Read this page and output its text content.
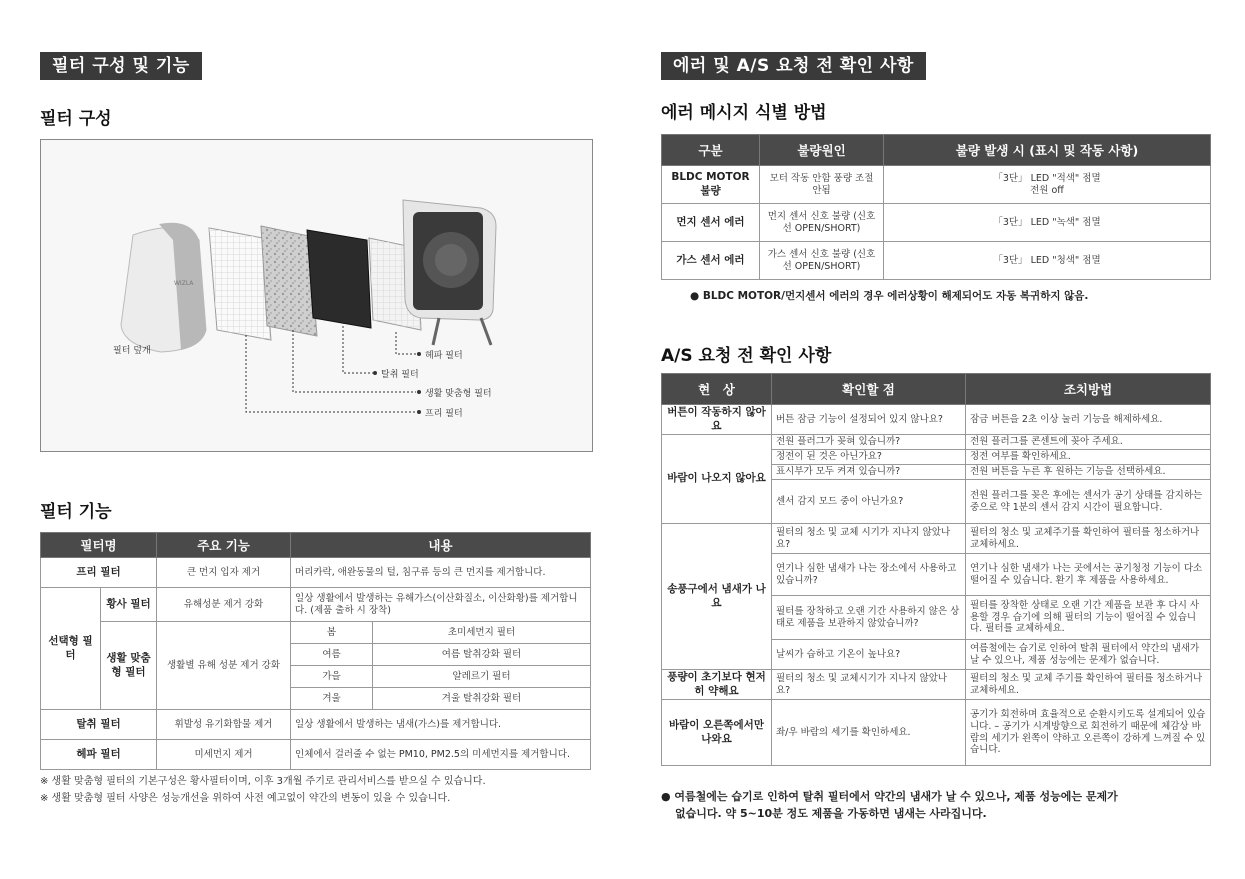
필터 구성 및 기능
필터 구성
WIZLA
필터 덮개	헤파 필터
탈취 필터
생활 맞춤형 필터
프리 필터
필터 기능
필터명		주요 기능	내용	
프리 필터		큰 먼지 입자 제거	머리카락, 애완동물의 털, 침구류 등의 큰 먼지를 제거합니다.	
선택형 필터	황사 필터	유해성분 제거 강화	일상 생활에서 발생하는 유해가스(이산화질소, 이산화황)를 제거합니다. (제품 출하 시 장착)	
	생활 맞춤형 필터	생활별 유해 성분 제거 강화	봄	초미세먼지 필터
			여름	여름 탈취강화 필터
			가을	알레르기 필터
			겨울	겨울 탈취강화 필터
탈취 필터		휘발성 유기화합물 제거	일상 생활에서 발생하는 냄새(가스)를 제거합니다.	
헤파 필터		미세먼지 제거	인체에서 걸러줄 수 없는 PM10, PM2.5의 미세먼지를 제거합니다.	
※ 생활 맞춤형 필터의 기본구성은 황사필터이며, 이후 3개월 주기로 관리서비스를 받으실 수 있습니다.
※ 생활 맞춤형 필터 사양은 성능개선을 위하여 사전 예고없이 약간의 변동이 있을 수 있습니다.
에러 및 A/S 요청 전 확인 사항
에러 메시지 식별 방법
구분	불량원인	불량 발생 시 (표시 및 작동 사항)
BLDC MOTOR 불량	모터 작동 안함 풍량 조절 안됨	「3단」 LED "적색" 점멸
전원 off

먼지 센서 에러	먼지 센서 신호 불량 (신호선 OPEN/SHORT)	「3단」 LED "녹색" 점멸
가스 센서 에러	가스 센서 신호 불량 (신호선 OPEN/SHORT)	「3단」 LED "청색" 점멸
● BLDC MOTOR/먼지센서 에러의 경우 에러상황이 해제되어도 자동 복귀하지 않음.
A/S 요청 전 확인 사항
현　상	확인할 점	조치방법
버튼이 작동하지 않아요	버튼 잠금 기능이 설정되어 있지 않나요?	잠금 버튼을 2초 이상 눌러 기능을 해제하세요.
바람이 나오지 않아요	전원 플러그가 꽂혀 있습니까?	전원 플러그를 콘센트에 꽂아 주세요.
	정전이 된 것은 아닌가요?	정전 여부를 확인하세요.
	표시부가 모두 켜져 있습니까?	전원 버튼을 누른 후 원하는 기능을 선택하세요.
	센서 감지 모드 중이 아닌가요?	전원 플러그를 꽂은 후에는 센서가 공기 상태를 감지하는 중으로 약 1분의 센서 감지 시간이 필요합니다.
송풍구에서 냄새가 나요	필터의 청소 및 교체 시기가 지나지 않았나요?	필터의 청소 및 교체주기를 확인하여 필터를 청소하거나 교체하세요.
	연기나 심한 냄새가 나는 장소에서 사용하고 있습니까?	연기나 심한 냄새가 나는 곳에서는 공기청정 기능이 다소 떨어질 수 있습니다. 환기 후 제품을 사용하세요.
	필터를 장착하고 오랜 기간 사용하지 않은 상태로 제품을 보관하지 않았습니까?	필터를 장착한 상태로 오랜 기간 제품을 보관 후 다시 사용할 경우 습기에 의해 필터의 기능이 떨어질 수 있습니다. 필터를 교체하세요.
	날씨가 습하고 기온이 높나요?	여름철에는 습기로 인하여 탈취 필터에서 약간의 냄새가 날 수 있으나, 제품 성능에는 문제가 없습니다.
풍량이 초기보다 현저히 약해요	필터의 청소 및 교체시기가 지나지 않았나요?	필터의 청소 및 교체 주기를 확인하여 필터를 청소하거나 교체하세요.
바람이 오른쪽에서만 나와요	좌/우 바람의 세기를 확인하세요.	공기가 회전하며 효율적으로 순환시키도록 설계되어 있습니다. – 공기가 시계방향으로 회전하기 때문에 체감상 바람의 세기가 왼쪽이 약하고 오른쪽이 강하게 느껴질 수 있습니다.
● 여름철에는 습기로 인하여 탈취 필터에서 약간의 냄새가 날 수 있으나, 제품 성능에는 문제가
없습니다. 약 5~10분 정도 제품을 가동하면 냄새는 사라집니다.
